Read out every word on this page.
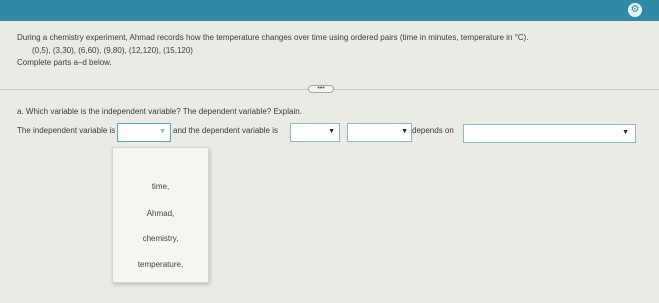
⚙
During a chemistry experiment, Ahmad records how the temperature changes over time using ordered pairs (time in minutes, temperature in °C).
(0,5), (3,30), (6,60), (9,80), (12,120), (15,120)
Complete parts a–d below.
•••
a. Which variable is the independent variable? The dependent variable? Explain.
The independent variable is	▼ and the dependent variable is	▼	▼ depends on	▼
time,
Ahmad,
chemistry,
temperature,
